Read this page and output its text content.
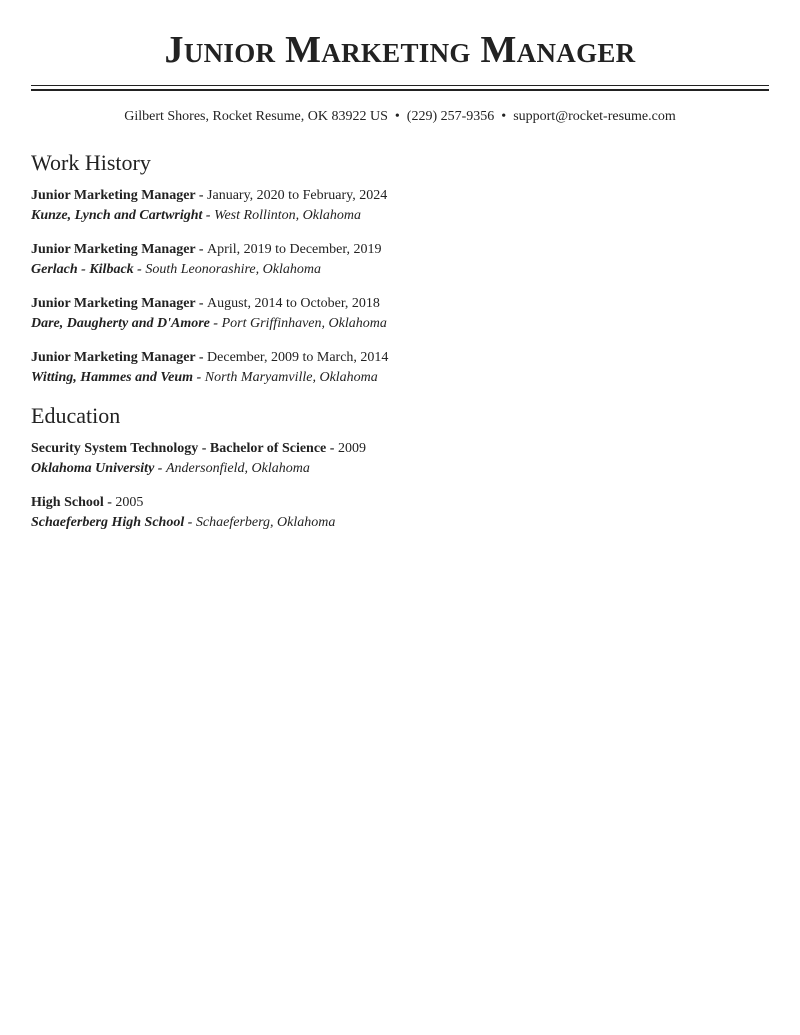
Junior Marketing Manager
Gilbert Shores, Rocket Resume, OK 83922 US • (229) 257-9356 • support@rocket-resume.com
Work History
Junior Marketing Manager - January, 2020 to February, 2024
Kunze, Lynch and Cartwright - West Rollinton, Oklahoma
Junior Marketing Manager - April, 2019 to December, 2019
Gerlach - Kilback - South Leonorashire, Oklahoma
Junior Marketing Manager - August, 2014 to October, 2018
Dare, Daugherty and D'Amore - Port Griffinhaven, Oklahoma
Junior Marketing Manager - December, 2009 to March, 2014
Witting, Hammes and Veum - North Maryamville, Oklahoma
Education
Security System Technology - Bachelor of Science - 2009
Oklahoma University - Andersonfield, Oklahoma
High School - 2005
Schaeferberg High School - Schaeferberg, Oklahoma
